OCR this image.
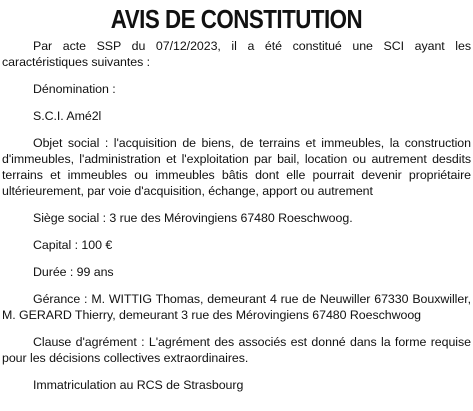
AVIS DE CONSTITUTION

Par acte SSP du 07/12/2023, il a été constitué une SCI ayant les caractéristiques suivantes :

Dénomination :

S.C.I. Amé2l

Objet social : l'acquisition de biens, de terrains et immeubles, la construction d'immeubles, l'administration et l'exploitation par bail, location ou autrement desdits terrains et immeubles ou immeubles bâtis dont elle pourrait devenir propriétaire ultérieurement, par voie d'acquisition, échange, apport ou autrement

Siège social : 3 rue des Mérovingiens 67480 Roeschwoog.

Capital : 100 €

Durée : 99 ans

Gérance : M. WITTIG Thomas, demeurant 4 rue de Neuwiller 67330 Bouxwiller, M. GERARD Thierry, demeurant 3 rue des Mérovingiens 67480 Roeschwoog

Clause d'agrément : L'agrément des associés est donné dans la forme requise pour les décisions collectives extraordinaires.

Immatriculation au RCS de Strasbourg
